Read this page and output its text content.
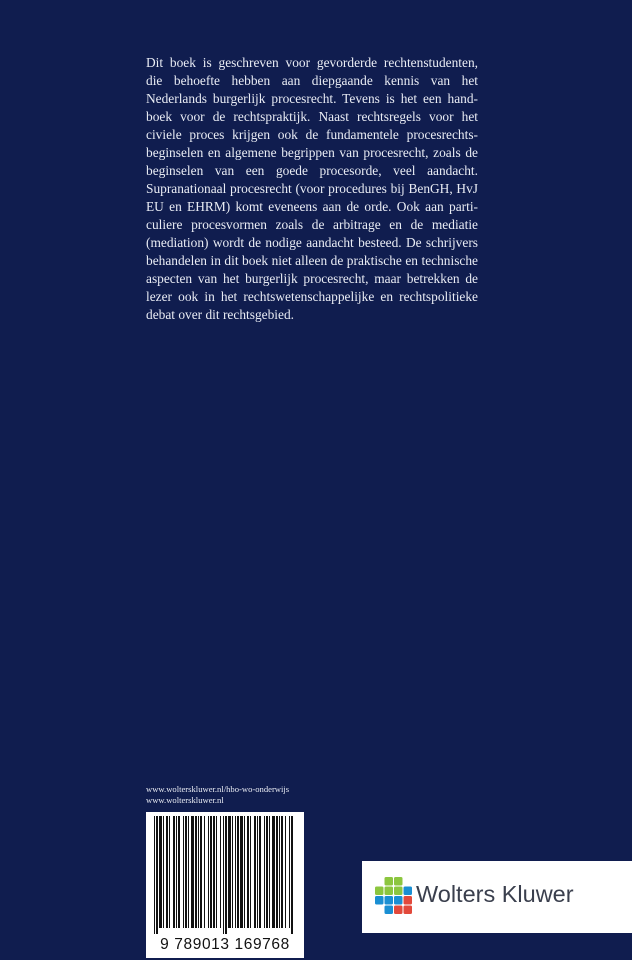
Dit boek is geschreven voor gevorderde rechtenstudenten,
die behoefte hebben aan diepgaande kennis van het
Nederlands burgerlijk procesrecht. Tevens is het een hand-
boek voor de rechtspraktijk. Naast rechtsregels voor het
civiele proces krijgen ook de fundamentele procesrechts-
beginselen en algemene begrippen van procesrecht, zoals de
beginselen van een goede procesorde, veel aandacht.
Supranationaal procesrecht (voor procedures bij BenGH, HvJ
EU en EHRM) komt eveneens aan de orde. Ook aan parti-
culiere procesvormen zoals de arbitrage en de mediatie
(mediation) wordt de nodige aandacht besteed. De schrijvers
behandelen in dit boek niet alleen de praktische en technische
aspecten van het burgerlijk procesrecht, maar betrekken de
lezer ook in het rechtswetenschappelijke en rechtspolitieke
debat over dit rechtsgebied.
www.wolterskluwer.nl/hbo-wo-onderwijs
www.wolterskluwer.nl
9 789013 169768
Wolters Kluwer
